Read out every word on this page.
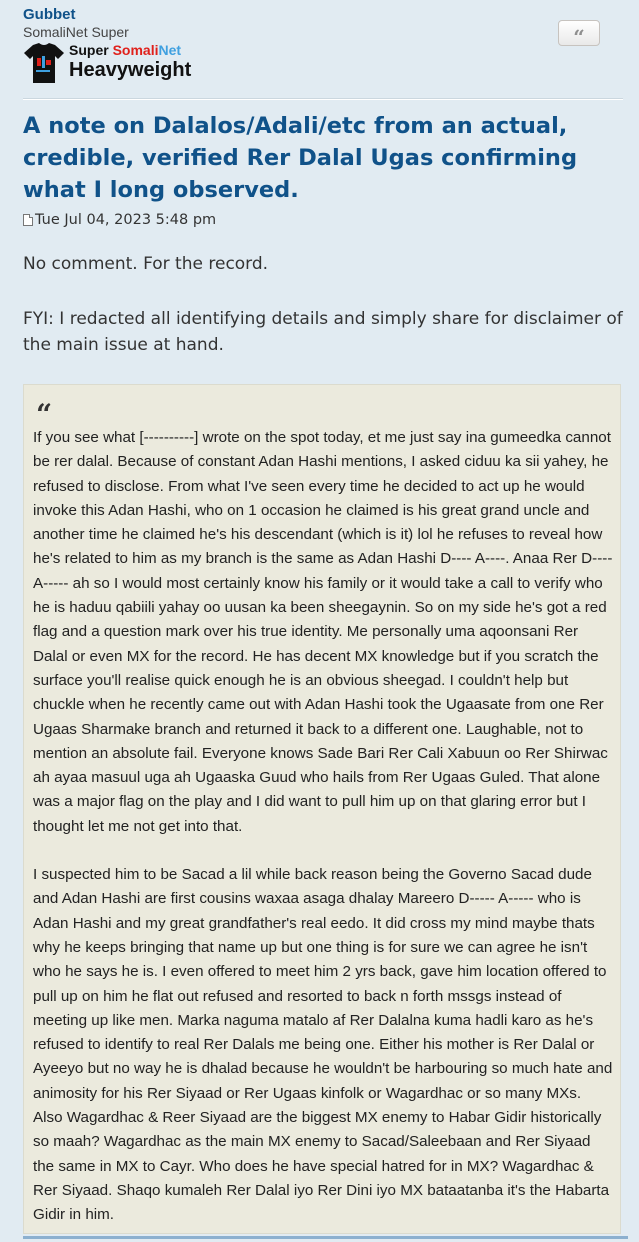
Gubbet
SomaliNet Super
Super SomaliNet
Heavyweight
“
A note on Dalalos/Adali/etc from an actual, credible, verified Rer Dalal Ugas confirming what I long observed.
Tue Jul 04, 2023 5:48 pm
No comment. For the record.
FYI: I redacted all identifying details and simply share for disclaimer of the main issue at hand.
“

If you see what [----------] wrote on the spot today, et me just say ina gumeedka cannot be rer dalal. Because of constant Adan Hashi mentions, I asked ciduu ka sii yahey, he refused to disclose. From what I've seen every time he decided to act up he would invoke this Adan Hashi, who on 1 occasion he claimed is his great grand uncle and another time he claimed he's his descendant (which is it) lol he refuses to reveal how he's related to him as my branch is the same as Adan Hashi D---- A----. Anaa Rer D---- A----- ah so I would most certainly know his family or it would take a call to verify who he is haduu qabiili yahay oo uusan ka been sheegaynin. So on my side he's got a red flag and a question mark over his true identity. Me personally uma aqoonsani Rer Dalal or even MX for the record. He has decent MX knowledge but if you scratch the surface you'll realise quick enough he is an obvious sheegad. I couldn't help but chuckle when he recently came out with Adan Hashi took the Ugaasate from one Rer Ugaas Sharmake branch and returned it back to a different one. Laughable, not to mention an absolute fail. Everyone knows Sade Bari Rer Cali Xabuun oo Rer Shirwac ah ayaa masuul uga ah Ugaaska Guud who hails from Rer Ugaas Guled. That alone was a major flag on the play and I did want to pull him up on that glaring error but I thought let me not get into that.

I suspected him to be Sacad a lil while back reason being the Governo Sacad dude and Adan Hashi are first cousins waxaa asaga dhalay Mareero D----- A----- who is Adan Hashi and my great grandfather's real eedo. It did cross my mind maybe thats why he keeps bringing that name up but one thing is for sure we can agree he isn't who he says he is. I even offered to meet him 2 yrs back, gave him location offered to pull up on him he flat out refused and resorted to back n forth mssgs instead of meeting up like men. Marka naguma matalo af Rer Dalalna kuma hadli karo as he's refused to identify to real Rer Dalals me being one. Either his mother is Rer Dalal or Ayeeyo but no way he is dhalad because he wouldn't be harbouring so much hate and animosity for his Rer Siyaad or Rer Ugaas kinfolk or Wagardhac or so many MXs. Also Wagardhac & Reer Siyaad are the biggest MX enemy to Habar Gidir historically so maah? Wagardhac as the main MX enemy to Sacad/Saleebaan and Rer Siyaad the same in MX to Cayr. Who does he have special hatred for in MX? Wagardhac & Rer Siyaad. Shaqo kumaleh Rer Dalal iyo Rer Dini iyo MX bataatanba it's the Habarta Gidir in him.
